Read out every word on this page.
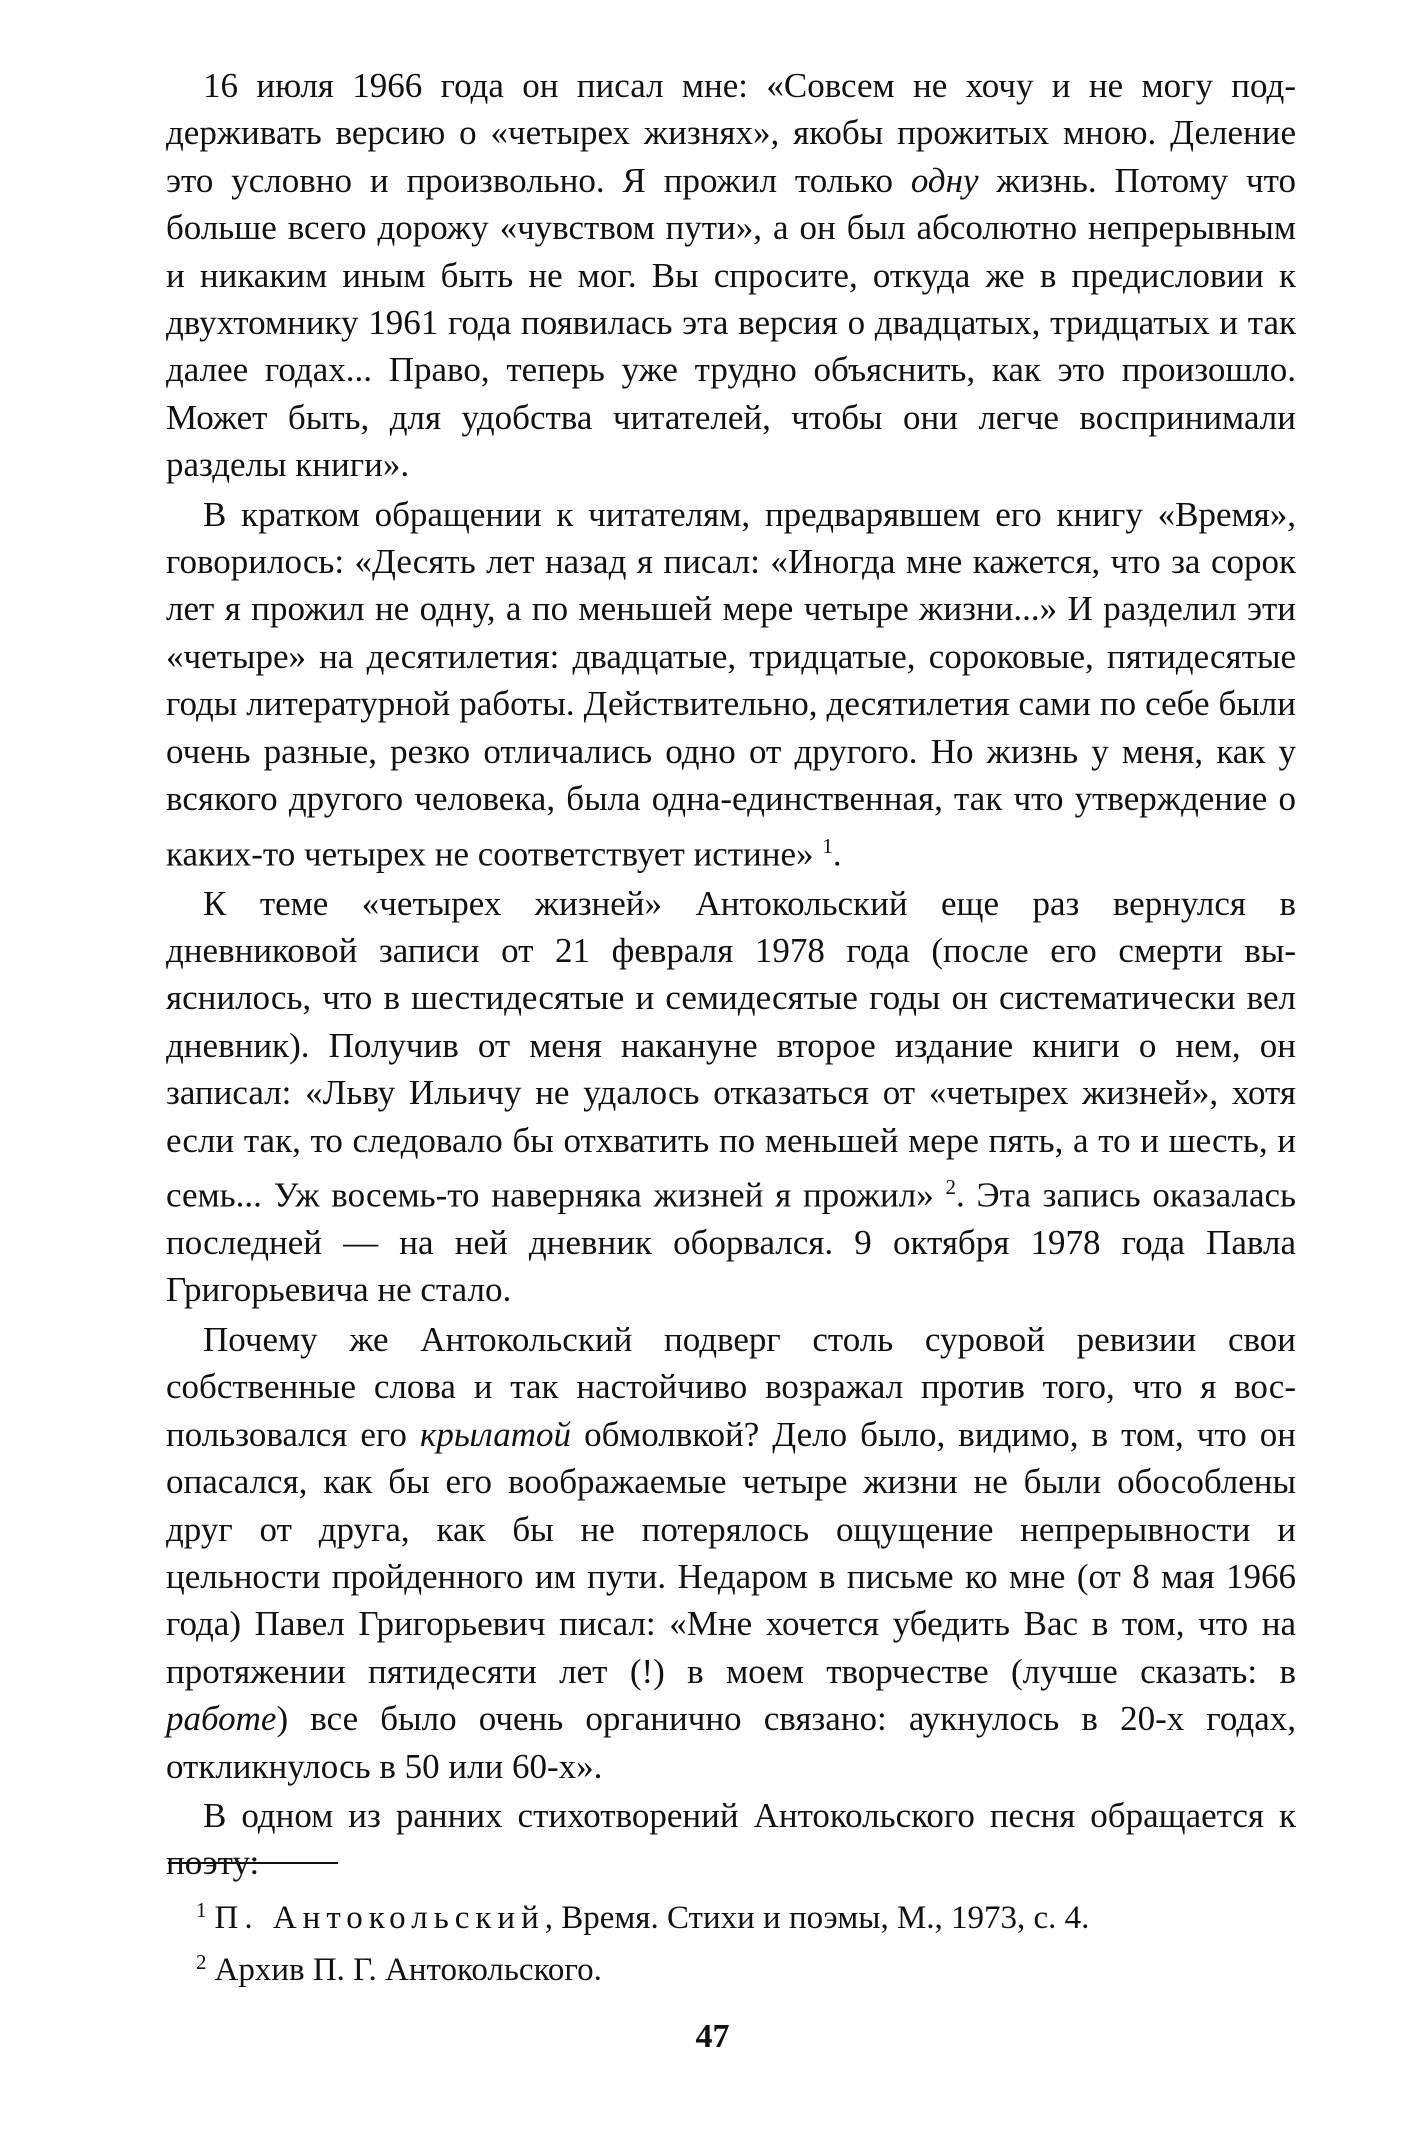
16 июля 1966 года он писал мне: «Совсем не хочу и не могу поддерживать версию о «четырех жизнях», якобы прожитых мною. Деление это условно и произвольно. Я прожил только одну жизнь. Потому что больше всего дорожу «чувством пути», а он был абсолютно непрерывным и никаким иным быть не мог. Вы спросите, откуда же в предисловии к двухтомнику 1961 года появилась эта версия о двадцатых, тридцатых и так далее годах... Право, теперь уже трудно объяснить, как это произошло. Может быть, для удобства читателей, чтобы они легче воспринимали разделы книги».

В кратком обращении к читателям, предварявшем его книгу «Время», говорилось: «Десять лет назад я писал: «Иногда мне кажется, что за сорок лет я прожил не одну, а по меньшей мере четыре жизни...» И разделил эти «четыре» на десятилетия: двадцатые, тридцатые, сороковые, пятидесятые годы литературной работы. Действительно, десятилетия сами по себе были очень разные, резко отличались одно от другого. Но жизнь у меня, как у всякого другого человека, была одна-единственная, так что утверждение о каких-то четырех не соответствует истине» $^1$.

К теме «четырех жизней» Антокольский еще раз вернулся в дневниковой записи от 21 февраля 1978 года (после его смерти выяснилось, что в шестидесятые и семидесятые годы он систематически вел дневник). Получив от меня накануне второе издание книги о нем, он записал: «Льву Ильичу не удалось отказаться от «четырех жизней», хотя если так, то следовало бы отхватить по меньшей мере пять, а то и шесть, и семь... Уж восемь-то наверняка жизней я прожил» $^2$. Эта запись оказалась последней — на ней дневник оборвался. 9 октября 1978 года Павла Григорьевича не стало.

Почему же Антокольский подверг столь суровой ревизии свои собственные слова и так настойчиво возражал против того, что я воспользовался его крылатой обмолвкой? Дело было, видимо, в том, что он опасался, как бы его воображаемые четыре жизни не были обособлены друг от друга, как бы не потерялось ощущение непрерывности и цельности пройденного им пути. Недаром в письме ко мне (от 8 мая 1966 года) Павел Григорьевич писал: «Мне хочется убедить Вас в том, что на протяжении пятидесяти лет (!) в моем творчестве (лучше сказать: в работе) все было очень органично связано: аукнулось в 20-х годах, откликнулось в 50 или 60-х».

В одном из ранних стихотворений Антокольского песня обращается к поэту:

$^1$ П. Антокольский, Время. Стихи и поэмы, М., 1973, с. 4.

$^2$ Архив П. Г. Антокольского.

47
